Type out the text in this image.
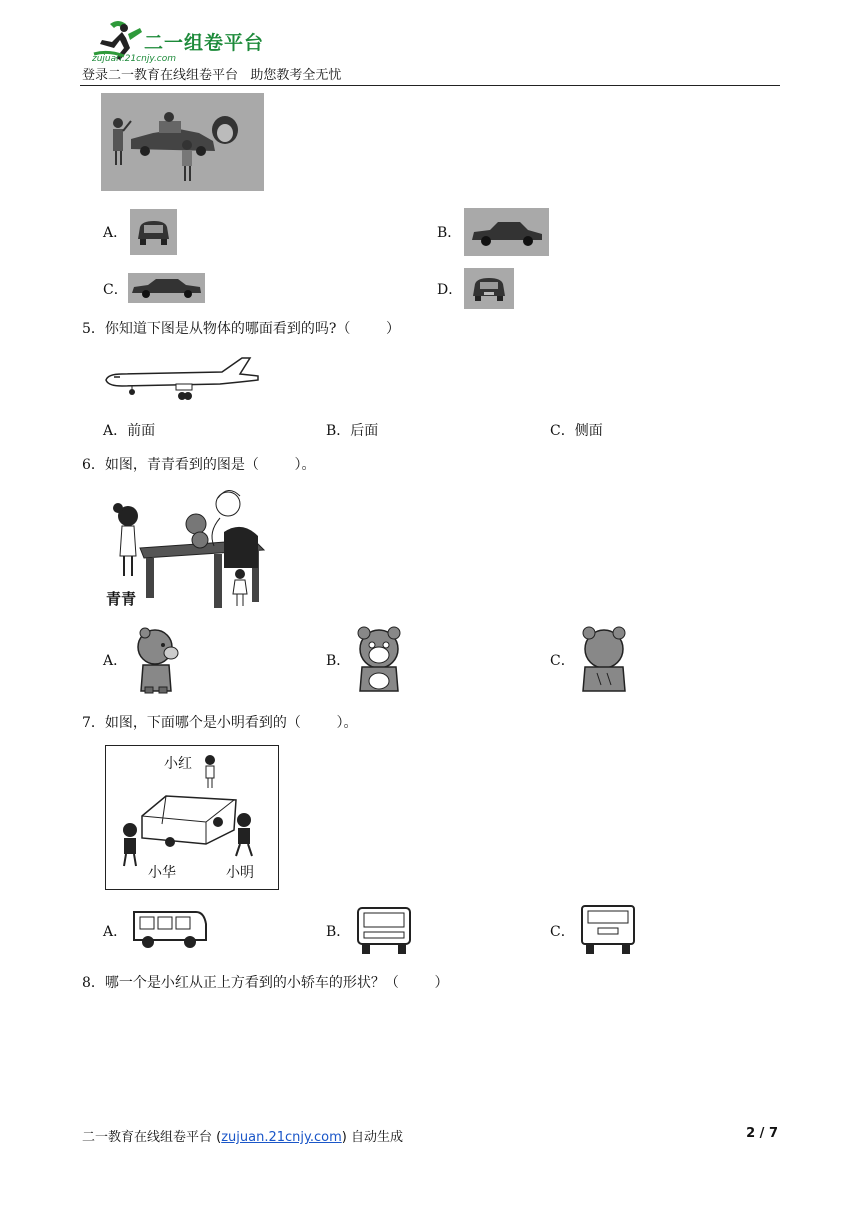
二一组卷平台
zujuan.21cnjy.com
登录二一教育在线组卷平台   助您教考全无忧
A．	B．
C．	D．
5．你知道下图是从物体的哪面看到的吗?（        ）
A．前面	B．后面	C．侧面
6．如图，青青看到的图是（        ）。
青青
A．	B．	C．
7．如图，下面哪个是小明看到的（        ）。
小红
小华	小明
A．	B．	C．
8．哪一个是小红从正上方看到的小轿车的形状？（        ）
二一教育在线组卷平台 (zujuan.21cnjy.com) 自动生成	2 / 7
